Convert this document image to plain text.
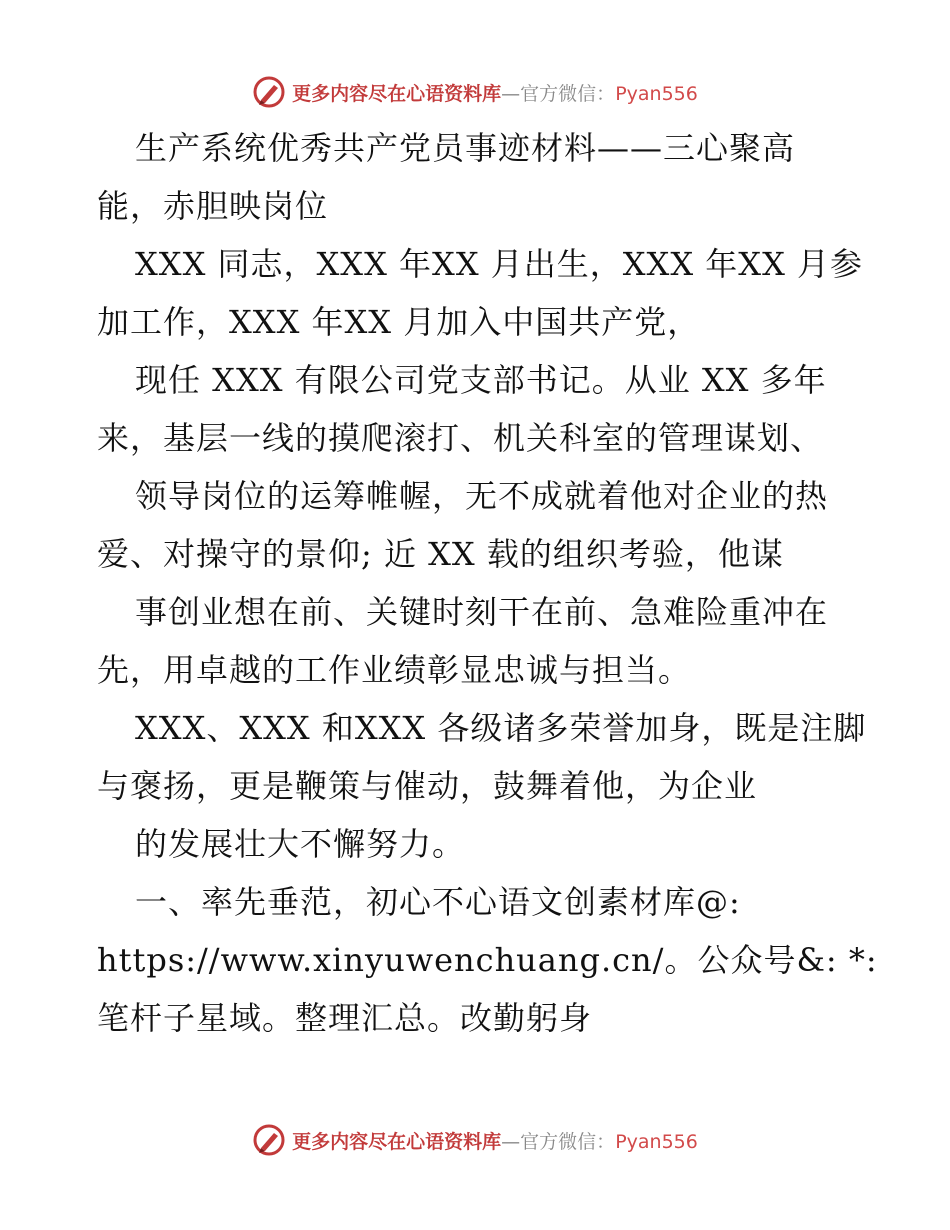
更多内容尽在心语资料库—官方微信：Pyan556
生产系统优秀共产党员事迹材料——三心聚高
能，赤胆映岗位
XXX 同志，XXX 年XX 月出生，XXX 年XX 月参
加工作，XXX 年XX 月加入中国共产党，
现任 XXX 有限公司党支部书记。从业 XX 多年
来，基层一线的摸爬滚打、机关科室的管理谋划、
领导岗位的运筹帷幄，无不成就着他对企业的热
爱、对操守的景仰; 近 XX 载的组织考验，他谋
事创业想在前、关键时刻干在前、急难险重冲在
先，用卓越的工作业绩彰显忠诚与担当。
XXX、XXX 和XXX 各级诸多荣誉加身，既是注脚
与褒扬，更是鞭策与催动，鼓舞着他，为企业
的发展壮大不懈努力。
一、率先垂范，初心不心语文创素材库@:
https://www.xinyuwenchuang.cn/。公众号&: *:
笔杆子星域。整理汇总。改勤躬身
更多内容尽在心语资料库—官方微信：Pyan556
